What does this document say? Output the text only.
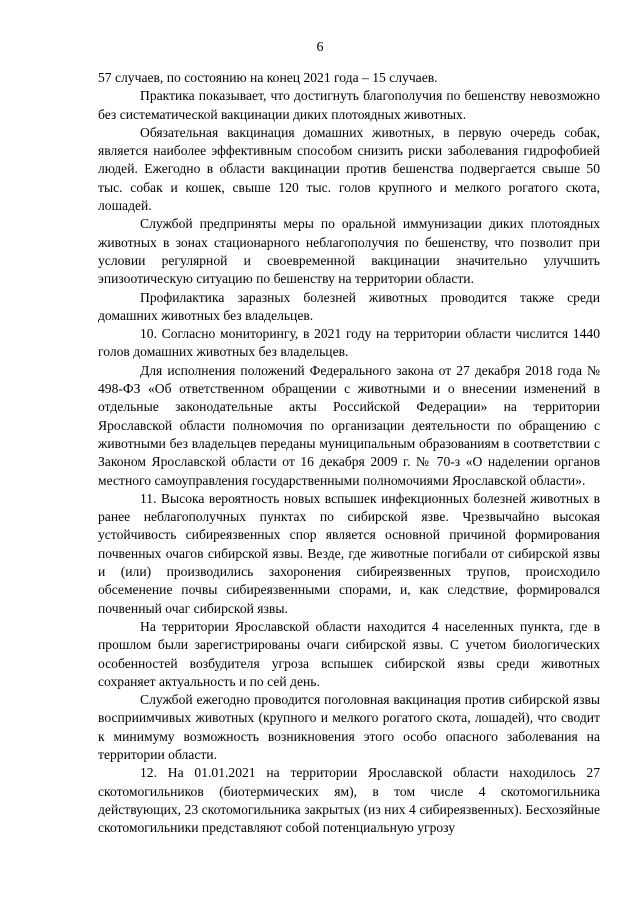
6

57 случаев, по состоянию на конец 2021 года – 15 случаев.

Практика показывает, что достигнуть благополучия по бешенству невозможно без систематической вакцинации диких плотоядных животных.

Обязательная вакцинация домашних животных, в первую очередь собак, является наиболее эффективным способом снизить риски заболевания гидрофобией людей. Ежегодно в области вакцинации против бешенства подвергается свыше 50 тыс. собак и кошек, свыше 120 тыс. голов крупного и мелкого рогатого скота, лошадей.

Службой предприняты меры по оральной иммунизации диких плотоядных животных в зонах стационарного неблагополучия по бешенству, что позволит при условии регулярной и своевременной вакцинации значительно улучшить эпизоотическую ситуацию по бешенству на территории области.

Профилактика заразных болезней животных проводится также среди домашних животных без владельцев.

10. Согласно мониторингу, в 2021 году на территории области числится 1440 голов домашних животных без владельцев.

Для исполнения положений Федерального закона от 27 декабря 2018 года № 498-ФЗ «Об ответственном обращении с животными и о внесении изменений в отдельные законодательные акты Российской Федерации» на территории Ярославской области полномочия по организации деятельности по обращению с животными без владельцев переданы муниципальным образованиям в соответствии с Законом Ярославской области от 16 декабря 2009 г. № 70-з «О наделении органов местного самоуправления государственными полномочиями Ярославской области».

11. Высока вероятность новых вспышек инфекционных болезней животных в ранее неблагополучных пунктах по сибирской язве. Чрезвычайно высокая устойчивость сибиреязвенных спор является основной причиной формирования почвенных очагов сибирской язвы. Везде, где животные погибали от сибирской язвы и (или) производились захоронения сибиреязвенных трупов, происходило обсеменение почвы сибиреязвенными спорами, и, как следствие, формировался почвенный очаг сибирской язвы.

На территории Ярославской области находится 4 населенных пункта, где в прошлом были зарегистрированы очаги сибирской язвы. С учетом биологических особенностей возбудителя угроза вспышек сибирской язвы среди животных сохраняет актуальность и по сей день.

Службой ежегодно проводится поголовная вакцинация против сибирской язвы восприимчивых животных (крупного и мелкого рогатого скота, лошадей), что сводит к минимуму возможность возникновения этого особо опасного заболевания на территории области.

12. На 01.01.2021 на территории Ярославской области находилось 27 скотомогильников (биотермических ям), в том числе 4 скотомогильника действующих, 23 скотомогильника закрытых (из них 4 сибиреязвенных). Бесхозяйные скотомогильники представляют собой потенциальную угрозу
